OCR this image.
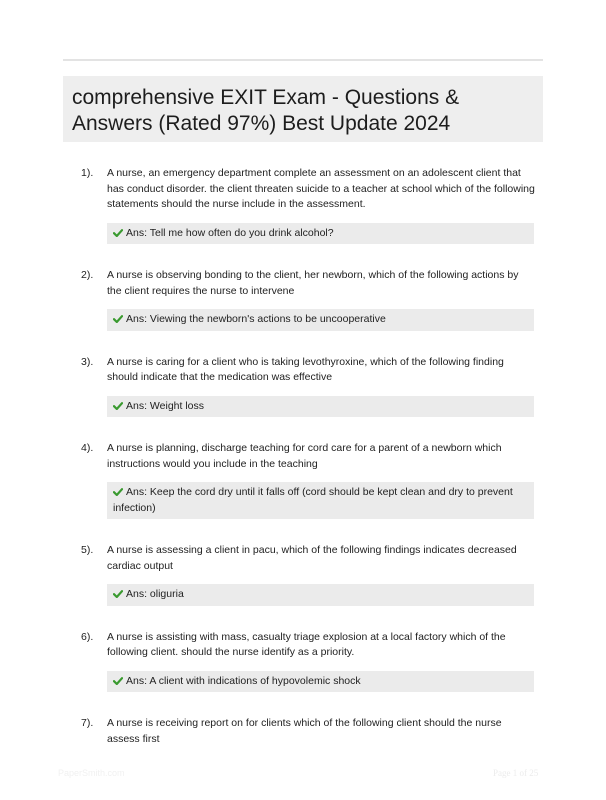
comprehensive EXIT Exam - Questions & Answers (Rated 97%) Best Update 2024
1). A nurse, an emergency department complete an assessment on an adolescent client that has conduct disorder. the client threaten suicide to a teacher at school which of the following statements should the nurse include in the assessment.
Ans: Tell me how often do you drink alcohol?
2). A nurse is observing bonding to the client, her newborn, which of the following actions by the client requires the nurse to intervene
Ans: Viewing the newborn's actions to be uncooperative
3). A nurse is caring for a client who is taking levothyroxine, which of the following finding should indicate that the medication was effective
Ans: Weight loss
4). A nurse is planning, discharge teaching for cord care for a parent of a newborn which instructions would you include in the teaching
Ans: Keep the cord dry until it falls off (cord should be kept clean and dry to prevent infection)
5). A nurse is assessing a client in pacu, which of the following findings indicates decreased cardiac output
Ans: oliguria
6). A nurse is assisting with mass, casualty triage explosion at a local factory which of the following client. should the nurse identify as a priority.
Ans: A client with indications of hypovolemic shock
7). A nurse is receiving report on for clients which of the following client should the nurse assess first
PaperSmith.com	Page 1 of 25
